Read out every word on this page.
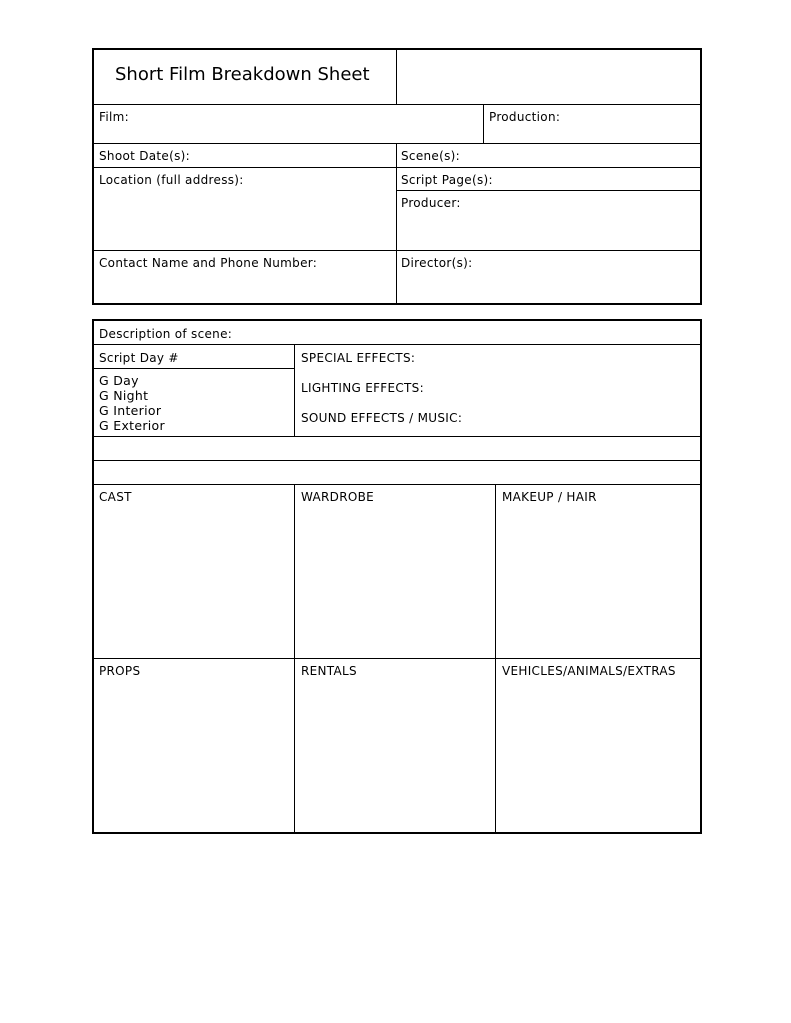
Short Film Breakdown Sheet
Film:	Production:
Shoot Date(s):	Scene(s):
Location (full address):	Script Page(s):
Producer:
Contact Name and Phone Number:	Director(s):
Description of scene:
Script Day #
G Day
G Night
G Interior
G Exterior
SPECIAL EFFECTS:
LIGHTING EFFECTS:
SOUND EFFECTS / MUSIC:
CAST	WARDROBE	MAKEUP / HAIR
PROPS	RENTALS	VEHICLES/ANIMALS/EXTRAS
